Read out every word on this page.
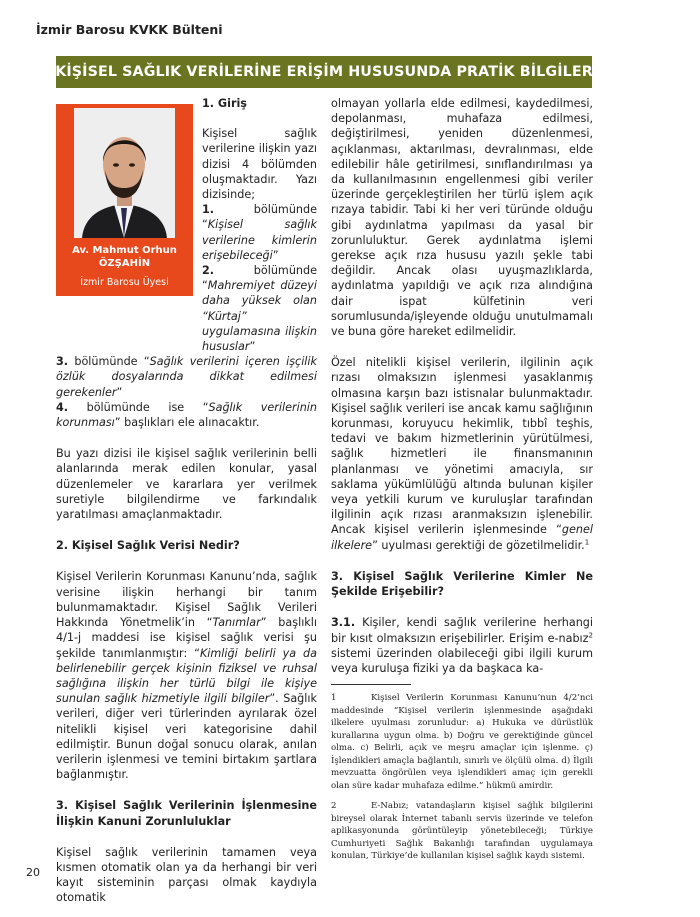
İzmir Barosu KVKK Bülteni
KİŞİSEL SAĞLIK VERİLERİNE ERİŞİM HUSUSUNDA PRATİK BİLGİLER
Av. Mahmut Orhun
ÖZŞAHİN
İzmir Barosu Üyesi

1. Giriş

Kişisel sağlık verilerine ilişkin yazı dizisi 4 bölümden oluşmaktadır. Yazı dizisinde;

1. bölümünde “Kişisel sağlık verilerine kimlerin erişebileceği”

2. bölümünde “Mahremiyet düzeyi daha yüksek olan “Kürtaj” uygulamasına ilişkin hususlar”

3. bölümünde “Sağlık verilerini içeren işçilik özlük dosyalarında dikkat edilmesi gerekenler”

4. bölümünde ise “Sağlık verilerinin korunması” başlıkları ele alınacaktır.

Bu yazı dizisi ile kişisel sağlık verilerinin belli alanlarında merak edilen konular, yasal düzenlemeler ve kararlara yer verilmek suretiyle bilgilendirme ve farkındalık yaratılması amaçlanmaktadır.

2. Kişisel Sağlık Verisi Nedir?

Kişisel Verilerin Korunması Kanunu’nda, sağlık verisine ilişkin herhangi bir tanım bulunmamaktadır. Kişisel Sağlık Verileri Hakkında Yönetmelik’in “Tanımlar” başlıklı 4/1-j maddesi ise kişisel sağlık verisi şu şekilde tanımlanmıştır: “Kimliği belirli ya da belirlenebilir gerçek kişinin fiziksel ve ruhsal sağlığına ilişkin her türlü bilgi ile kişiye sunulan sağlık hizmetiyle ilgili bilgiler”. Sağlık verileri, diğer veri türlerinden ayrılarak özel nitelikli kişisel veri kategorisine dahil edilmiştir. Bunun doğal sonucu olarak, anılan verilerin işlenmesi ve temini birtakım şartlara bağlanmıştır.

3. Kişisel Sağlık Verilerinin İşlenmesine İlişkin Kanuni Zorunluluklar

Kişisel sağlık verilerinin tamamen veya kısmen otomatik olan ya da herhangi bir veri kayıt sisteminin parçası olmak kaydıyla otomatik

olmayan yollarla elde edilmesi, kaydedilmesi, depolanması, muhafaza edilmesi, değiştirilmesi, yeniden düzenlenmesi, açıklanması, aktarılması, devralınması, elde edilebilir hâle getirilmesi, sınıflandırılması ya da kullanılmasının engellenmesi gibi veriler üzerinde gerçekleştirilen her türlü işlem açık rızaya tabidir. Tabi ki her veri türünde olduğu gibi aydınlatma yapılması da yasal bir zorunluluktur. Gerek aydınlatma işlemi gerekse açık rıza hususu yazılı şekle tabi değildir. Ancak olası uyuşmazlıklarda, aydınlatma yapıldığı ve açık rıza alındığına dair ispat külfetinin veri sorumlusunda/işleyende olduğu unutulmamalı ve buna göre hareket edilmelidir.

Özel nitelikli kişisel verilerin, ilgilinin açık rızası olmaksızın işlenmesi yasaklanmış olmasına karşın bazı istisnalar bulunmaktadır. Kişisel sağlık verileri ise ancak kamu sağlığının korunması, koruyucu hekimlik, tıbbî teşhis, tedavi ve bakım hizmetlerinin yürütülmesi, sağlık hizmetleri ile finansmanının planlanması ve yönetimi amacıyla, sır saklama yükümlülüğü altında bulunan kişiler veya yetkili kurum ve kuruluşlar tarafından ilgilinin açık rızası aranmaksızın işlenebilir. Ancak kişisel verilerin işlenmesinde “genel ilkelere” uyulması gerektiği de gözetilmelidir.$^1$

3. Kişisel Sağlık Verilerine Kimler Ne Şekilde Erişebilir?

3.1. Kişiler, kendi sağlık verilerine herhangi bir kısıt olmaksızın erişebilirler. Erişim e-nabız$^2$ sistemi üzerinden olabileceği gibi ilgili kurum veya kuruluşa fiziki ya da başkaca ka-

1	Kişisel Verilerin Korunması Kanunu’nun 4/2’nci maddesinde “Kişisel verilerin işlenmesinde aşağıdaki ilkelere uyulması zorunludur: a) Hukuka ve dürüstlük kurallarına uygun olma. b) Doğru ve gerektiğinde güncel olma. c) Belirli, açık ve meşru amaçlar için işlenme. ç) İşlendikleri amaçla bağlantılı, sınırlı ve ölçülü olma. d) İlgili mevzuatta öngörülen veya işlendikleri amaç için gerekli olan süre kadar muhafaza edilme.” hükmü amirdir.
2	E-Nabız; vatandaşların kişisel sağlık bilgilerini bireysel olarak İnternet tabanlı servis üzerinde ve telefon aplikasyonunda görüntüleyip yönetebileceği; Türkiye Cumhuriyeti Sağlık Bakanlığı tarafından uygulamaya konulan, Türkiye’de kullanılan kişisel sağlık kaydı sistemi.
20
